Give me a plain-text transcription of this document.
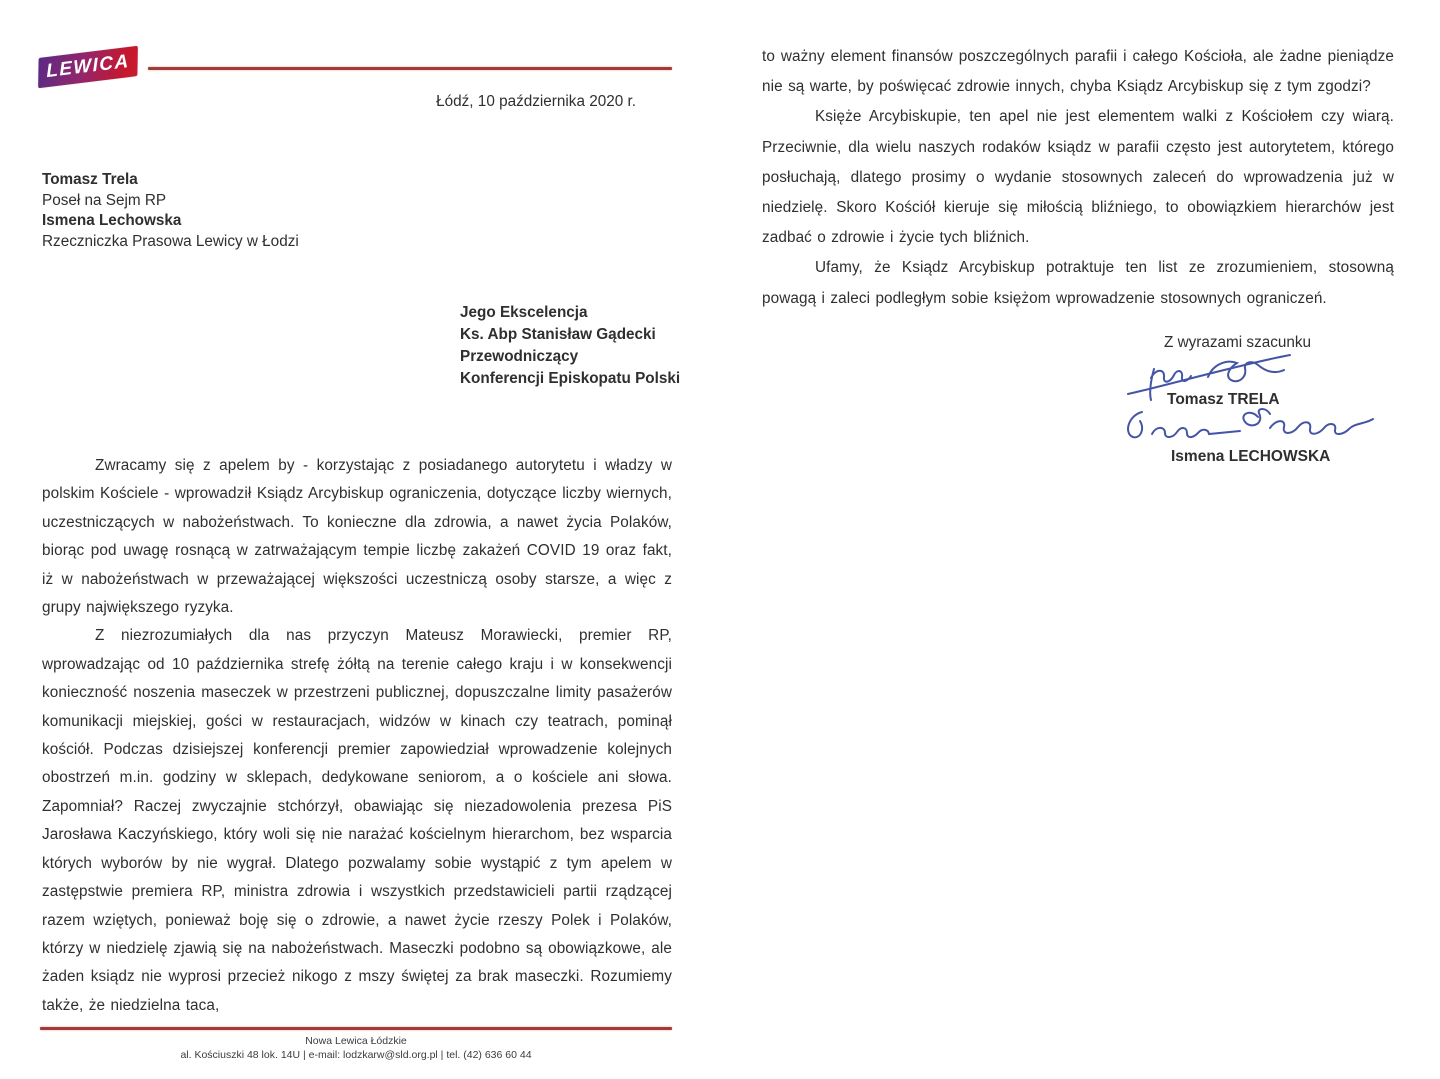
LEWICA
Łódź, 10 października 2020 r.
Tomasz Trela
Poseł na Sejm RP
Ismena Lechowska
Rzeczniczka Prasowa Lewicy w Łodzi
Jego Ekscelencja
Ks. Abp Stanisław Gądecki
Przewodniczący
Konferencji Episkopatu Polski

Zwracamy się z apelem by - korzystając z posiadanego autorytetu i władzy w polskim Kościele - wprowadził Ksiądz Arcybiskup ograniczenia, dotyczące liczby wiernych, uczestniczących w nabożeństwach. To konieczne dla zdrowia, a nawet życia Polaków, biorąc pod uwagę rosnącą w zatrważającym tempie liczbę zakażeń COVID 19 oraz fakt, iż w nabożeństwach w przeważającej większości uczestniczą osoby starsze, a więc z grupy największego ryzyka.

Z niezrozumiałych dla nas przyczyn Mateusz Morawiecki, premier RP, wprowadzając od 10 października strefę żółtą na terenie całego kraju i w konsekwencji konieczność noszenia maseczek w przestrzeni publicznej, dopuszczalne limity pasażerów komunikacji miejskiej, gości w restauracjach, widzów w kinach czy teatrach, pominął kościół. Podczas dzisiejszej konferencji premier zapowiedział wprowadzenie kolejnych obostrzeń m.in. godziny w sklepach, dedykowane seniorom, a o kościele ani słowa. Zapomniał? Raczej zwyczajnie stchórzył, obawiając się niezadowolenia prezesa PiS Jarosława Kaczyńskiego, który woli się nie narażać kościelnym hierarchom, bez wsparcia których wyborów by nie wygrał. Dlatego pozwalamy sobie wystąpić z tym apelem w zastępstwie premiera RP, ministra zdrowia i wszystkich przedstawicieli partii rządzącej razem wziętych, ponieważ boję się o zdrowie, a nawet życie rzeszy Polek i Polaków, którzy w niedzielę zjawią się na nabożeństwach. Maseczki podobno są obowiązkowe, ale żaden ksiądz nie wyprosi przecież nikogo z mszy świętej za brak maseczki. Rozumiemy także, że niedzielna taca,

Nowa Lewica Łódzkie
al. Kościuszki 48 lok. 14U | e-mail: lodzkarw@sld.org.pl | tel. (42) 636 60 44

to ważny element finansów poszczególnych parafii i całego Kościoła, ale żadne pieniądze nie są warte, by poświęcać zdrowie innych, chyba Ksiądz Arcybiskup się z tym zgodzi?

Księże Arcybiskupie, ten apel nie jest elementem walki z Kościołem czy wiarą. Przeciwnie, dla wielu naszych rodaków ksiądz w parafii często jest autorytetem, którego posłuchają, dlatego prosimy o wydanie stosownych zaleceń do wprowadzenia już w niedzielę. Skoro Kościół kieruje się miłością bliźniego, to obowiązkiem hierarchów jest zadbać o zdrowie i życie tych bliźnich.

Ufamy, że Ksiądz Arcybiskup potraktuje ten list ze zrozumieniem, stosowną powagą i zaleci podległym sobie księżom wprowadzenie stosownych ograniczeń.

Z wyrazami szacunku
Tomasz TRELA
Ismena LECHOWSKA
